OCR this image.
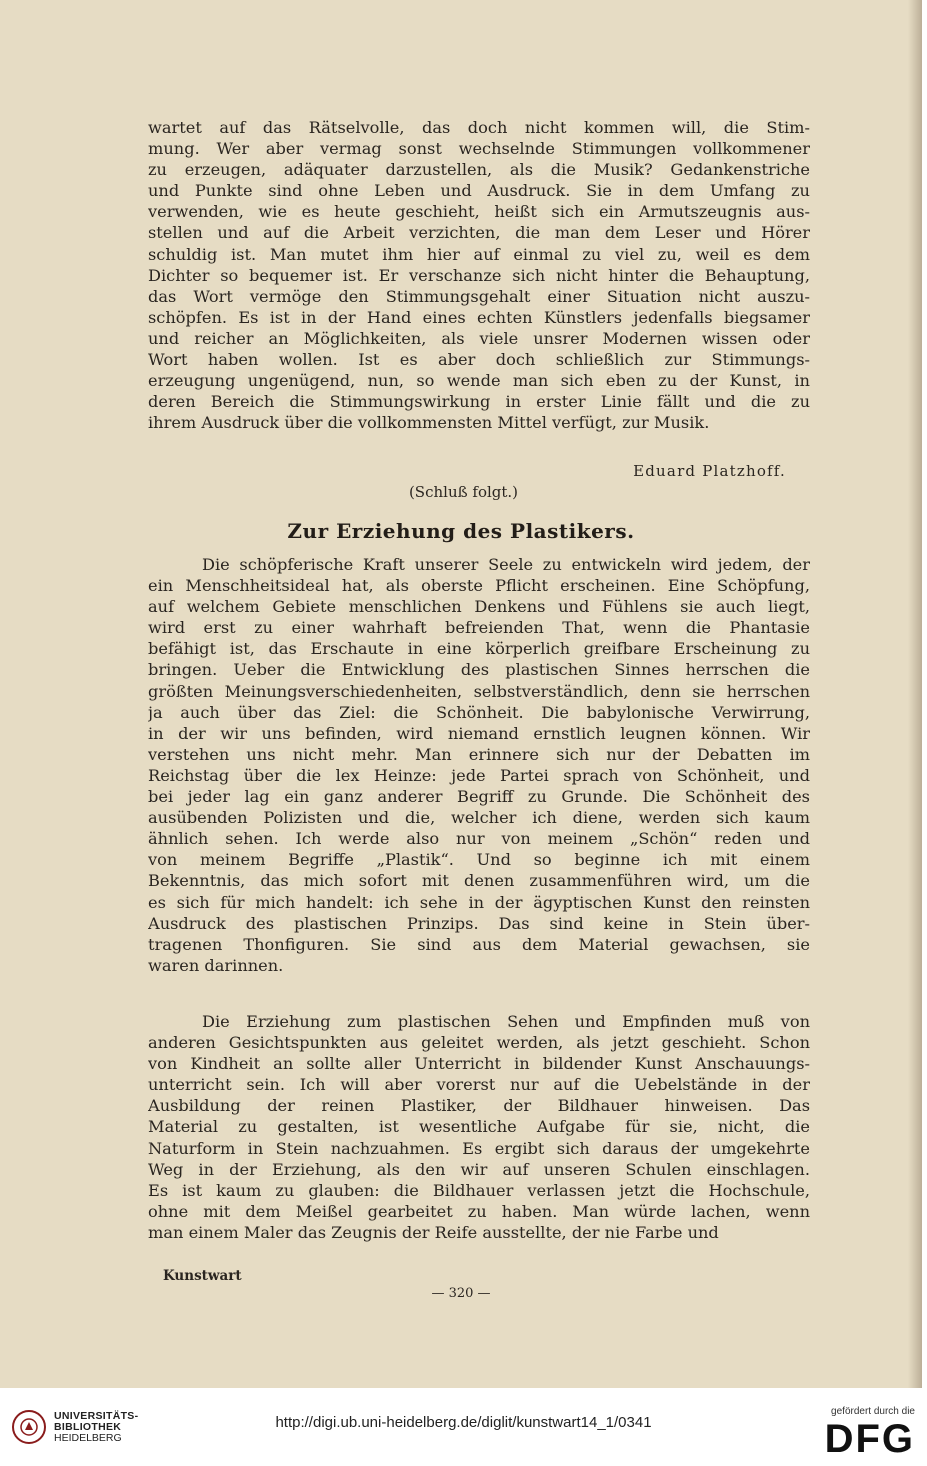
wartet auf das Rätselvolle, das doch nicht kommen will, die Stim-
mung. Wer aber vermag sonst wechselnde Stimmungen vollkommener
zu erzeugen, adäquater darzustellen, als die Musik? Gedankenstriche
und Punkte sind ohne Leben und Ausdruck. Sie in dem Umfang zu
verwenden, wie es heute geschieht, heißt sich ein Armutszeugnis aus-
stellen und auf die Arbeit verzichten, die man dem Leser und Hörer
schuldig ist. Man mutet ihm hier auf einmal zu viel zu, weil es dem
Dichter so bequemer ist. Er verschanze sich nicht hinter die Behauptung,
das Wort vermöge den Stimmungsgehalt einer Situation nicht auszu-
schöpfen. Es ist in der Hand eines echten Künstlers jedenfalls biegsamer
und reicher an Möglichkeiten, als viele unsrer Modernen wissen oder
Wort haben wollen. Ist es aber doch schließlich zur Stimmungs-
erzeugung ungenügend, nun, so wende man sich eben zu der Kunst, in
deren Bereich die Stimmungswirkung in erster Linie fällt und die zu
ihrem Ausdruck über die vollkommensten Mittel verfügt, zur Musik.
Eduard Platzhoff.
(Schluß folgt.)
Zur Erziehung des Plastikers.
Die schöpferische Kraft unserer Seele zu entwickeln wird jedem, der
ein Menschheitsideal hat, als oberste Pflicht erscheinen. Eine Schöpfung,
auf welchem Gebiete menschlichen Denkens und Fühlens sie auch liegt,
wird erst zu einer wahrhaft befreienden That, wenn die Phantasie
befähigt ist, das Erschaute in eine körperlich greifbare Erscheinung zu
bringen. Ueber die Entwicklung des plastischen Sinnes herrschen die
größten Meinungsverschiedenheiten, selbstverständlich, denn sie herrschen
ja auch über das Ziel: die Schönheit. Die babylonische Verwirrung,
in der wir uns befinden, wird niemand ernstlich leugnen können. Wir
verstehen uns nicht mehr. Man erinnere sich nur der Debatten im
Reichstag über die lex Heinze: jede Partei sprach von Schönheit, und
bei jeder lag ein ganz anderer Begriff zu Grunde. Die Schönheit des
ausübenden Polizisten und die, welcher ich diene, werden sich kaum
ähnlich sehen. Ich werde also nur von meinem „Schön“ reden und
von meinem Begriffe „Plastik“. Und so beginne ich mit einem
Bekenntnis, das mich sofort mit denen zusammenführen wird, um die
es sich für mich handelt: ich sehe in der ägyptischen Kunst den reinsten
Ausdruck des plastischen Prinzips. Das sind keine in Stein über-
tragenen Thonfiguren. Sie sind aus dem Material gewachsen, sie
waren darinnen.
Die Erziehung zum plastischen Sehen und Empfinden muß von
anderen Gesichtspunkten aus geleitet werden, als jetzt geschieht. Schon
von Kindheit an sollte aller Unterricht in bildender Kunst Anschauungs-
unterricht sein. Ich will aber vorerst nur auf die Uebelstände in der
Ausbildung der reinen Plastiker, der Bildhauer hinweisen. Das
Material zu gestalten, ist wesentliche Aufgabe für sie, nicht, die
Naturform in Stein nachzuahmen. Es ergibt sich daraus der umgekehrte
Weg in der Erziehung, als den wir auf unseren Schulen einschlagen.
Es ist kaum zu glauben: die Bildhauer verlassen jetzt die Hochschule,
ohne mit dem Meißel gearbeitet zu haben. Man würde lachen, wenn
man einem Maler das Zeugnis der Reife ausstellte, der nie Farbe und
Kunstwart
— 320 —
UNIVERSITÄTS-
BIBLIOTHEK
HEIDELBERG
http://digi.ub.uni-heidelberg.de/diglit/kunstwart14_1/0341
gefördert durch die
DFG
